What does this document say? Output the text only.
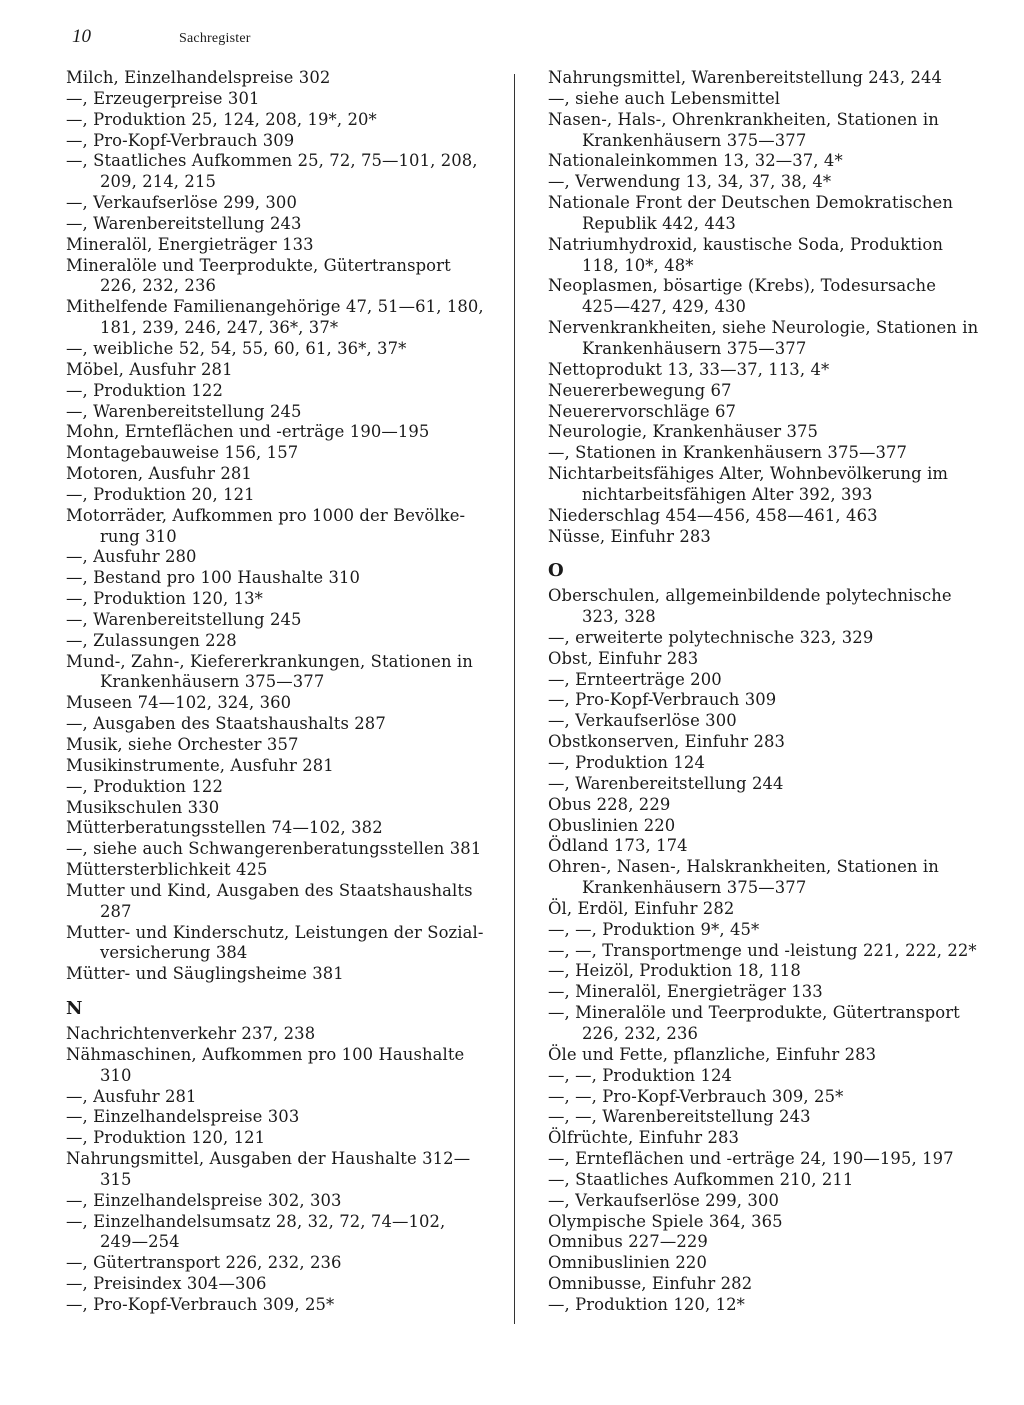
10	Sachregister
Milch, Einzelhandelspreise 302
—, Erzeugerpreise 301
—, Produktion 25, 124, 208, 19*, 20*
—, Pro-Kopf-Verbrauch 309
—, Staatliches Aufkommen 25, 72, 75—101, 208,
209, 214, 215
—, Verkaufserlöse 299, 300
—, Warenbereitstellung 243
Mineralöl, Energieträger 133
Mineralöle und Teerprodukte, Gütertransport
226, 232, 236
Mithelfende Familienangehörige 47, 51—61, 180,
181, 239, 246, 247, 36*, 37*
—, weibliche 52, 54, 55, 60, 61, 36*, 37*
Möbel, Ausfuhr 281
—, Produktion 122
—, Warenbereitstellung 245
Mohn, Ernteflächen und -erträge 190—195
Montagebauweise 156, 157
Motoren, Ausfuhr 281
—, Produktion 20, 121
Motorräder, Aufkommen pro 1000 der Bevölke-
rung 310
—, Ausfuhr 280
—, Bestand pro 100 Haushalte 310
—, Produktion 120, 13*
—, Warenbereitstellung 245
—, Zulassungen 228
Mund-, Zahn-, Kiefererkrankungen, Stationen in
Krankenhäusern 375—377
Museen 74—102, 324, 360
—, Ausgaben des Staatshaushalts 287
Musik, siehe Orchester 357
Musikinstrumente, Ausfuhr 281
—, Produktion 122
Musikschulen 330
Mütterberatungsstellen 74—102, 382
—, siehe auch Schwangerenberatungsstellen 381
Müttersterblichkeit 425
Mutter und Kind, Ausgaben des Staatshaushalts
287
Mutter- und Kinderschutz, Leistungen der Sozial-
versicherung 384
Mütter- und Säuglingsheime 381
N
Nachrichtenverkehr 237, 238
Nähmaschinen, Aufkommen pro 100 Haushalte
310
—, Ausfuhr 281
—, Einzelhandelspreise 303
—, Produktion 120, 121
Nahrungsmittel, Ausgaben der Haushalte 312—
315
—, Einzelhandelspreise 302, 303
—, Einzelhandelsumsatz 28, 32, 72, 74—102,
249—254
—, Gütertransport 226, 232, 236
—, Preisindex 304—306
—, Pro-Kopf-Verbrauch 309, 25*
Nahrungsmittel, Warenbereitstellung 243, 244
—, siehe auch Lebensmittel
Nasen-, Hals-, Ohrenkrankheiten, Stationen in
Krankenhäusern 375—377
Nationaleinkommen 13, 32—37, 4*
—, Verwendung 13, 34, 37, 38, 4*
Nationale Front der Deutschen Demokratischen
Republik 442, 443
Natriumhydroxid, kaustische Soda, Produktion
118, 10*, 48*
Neoplasmen, bösartige (Krebs), Todesursache
425—427, 429, 430
Nervenkrankheiten, siehe Neurologie, Stationen in
Krankenhäusern 375—377
Nettoprodukt 13, 33—37, 113, 4*
Neuererbewegung 67
Neuerervorschläge 67
Neurologie, Krankenhäuser 375
—, Stationen in Krankenhäusern 375—377
Nichtarbeitsfähiges Alter, Wohnbevölkerung im
nichtarbeitsfähigen Alter 392, 393
Niederschlag 454—456, 458—461, 463
Nüsse, Einfuhr 283
O
Oberschulen, allgemeinbildende polytechnische
323, 328
—, erweiterte polytechnische 323, 329
Obst, Einfuhr 283
—, Ernteerträge 200
—, Pro-Kopf-Verbrauch 309
—, Verkaufserlöse 300
Obstkonserven, Einfuhr 283
—, Produktion 124
—, Warenbereitstellung 244
Obus 228, 229
Obuslinien 220
Ödland 173, 174
Ohren-, Nasen-, Halskrankheiten, Stationen in
Krankenhäusern 375—377
Öl, Erdöl, Einfuhr 282
—, —, Produktion 9*, 45*
—, —, Transportmenge und -leistung 221, 222, 22*
—, Heizöl, Produktion 18, 118
—, Mineralöl, Energieträger 133
—, Mineralöle und Teerprodukte, Gütertransport
226, 232, 236
Öle und Fette, pflanzliche, Einfuhr 283
—, —, Produktion 124
—, —, Pro-Kopf-Verbrauch 309, 25*
—, —, Warenbereitstellung 243
Ölfrüchte, Einfuhr 283
—, Ernteflächen und -erträge 24, 190—195, 197
—, Staatliches Aufkommen 210, 211
—, Verkaufserlöse 299, 300
Olympische Spiele 364, 365
Omnibus 227—229
Omnibuslinien 220
Omnibusse, Einfuhr 282
—, Produktion 120, 12*
